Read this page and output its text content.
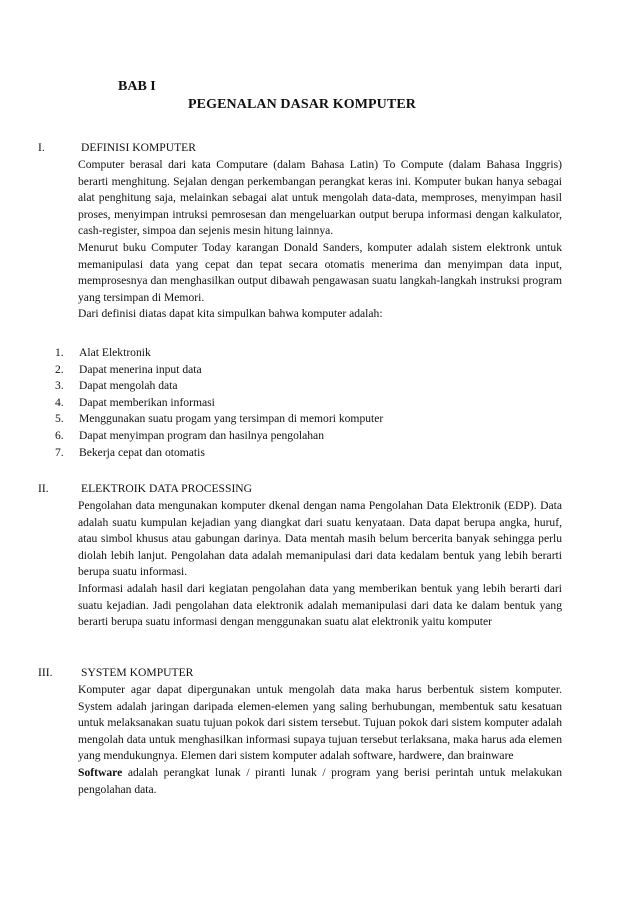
BAB I
PEGENALAN DASAR KOMPUTER
I.	DEFINISI KOMPUTER

Computer berasal dari kata Computare (dalam Bahasa Latin) To Compute (dalam Bahasa Inggris) berarti menghitung. Sejalan dengan perkembangan perangkat keras ini. Komputer bukan hanya sebagai alat penghitung saja, melainkan sebagai alat untuk mengolah data-data, memproses, menyimpan hasil proses, menyimpan intruksi pemrosesan dan mengeluarkan output berupa informasi dengan kalkulator, cash-register, simpoa dan sejenis mesin hitung lainnya.

Menurut buku Computer Today karangan Donald Sanders, komputer adalah sistem elektronk untuk memanipulasi data yang cepat dan tepat secara otomatis menerima dan menyimpan data input, memprosesnya dan menghasilkan output dibawah pengawasan suatu langkah-langkah instruksi program yang tersimpan di Memori.

Dari definisi diatas dapat kita simpulkan bahwa komputer adalah:

1. Alat Elektronik
2. Dapat menerina input data
3. Dapat mengolah data
4. Dapat memberikan informasi
5. Menggunakan suatu progam yang tersimpan di memori komputer
6. Dapat menyimpan program dan hasilnya pengolahan
7. Bekerja cepat dan otomatis
II.	ELEKTROIK DATA PROCESSING

Pengolahan data mengunakan komputer dkenal dengan nama Pengolahan Data Elektronik (EDP). Data adalah suatu kumpulan kejadian yang diangkat dari suatu kenyataan. Data dapat berupa angka, huruf, atau simbol khusus atau gabungan darinya. Data mentah masih belum bercerita banyak sehingga perlu diolah lebih lanjut. Pengolahan data adalah memanipulasi dari data kedalam bentuk yang lebih berarti berupa suatu informasi.

Informasi adalah hasil dari kegiatan pengolahan data yang memberikan bentuk yang lebih berarti dari suatu kejadian. Jadi pengolahan data elektronik adalah memanipulasi dari data ke dalam bentuk yang berarti berupa suatu informasi dengan menggunakan suatu alat elektronik yaitu komputer

III. SYSTEM KOMPUTER

Komputer agar dapat dipergunakan untuk mengolah data maka harus berbentuk sistem komputer. System adalah jaringan daripada elemen-elemen yang saling berhubungan, membentuk satu kesatuan untuk melaksanakan suatu tujuan pokok dari sistem tersebut. Tujuan pokok dari sistem komputer adalah mengolah data untuk menghasilkan informasi supaya tujuan tersebut terlaksana, maka harus ada elemen yang mendukungnya. Elemen dari sistem komputer adalah software, hardwere, dan brainware

Software adalah perangkat lunak / piranti lunak / program yang berisi perintah untuk melakukan pengolahan data.
